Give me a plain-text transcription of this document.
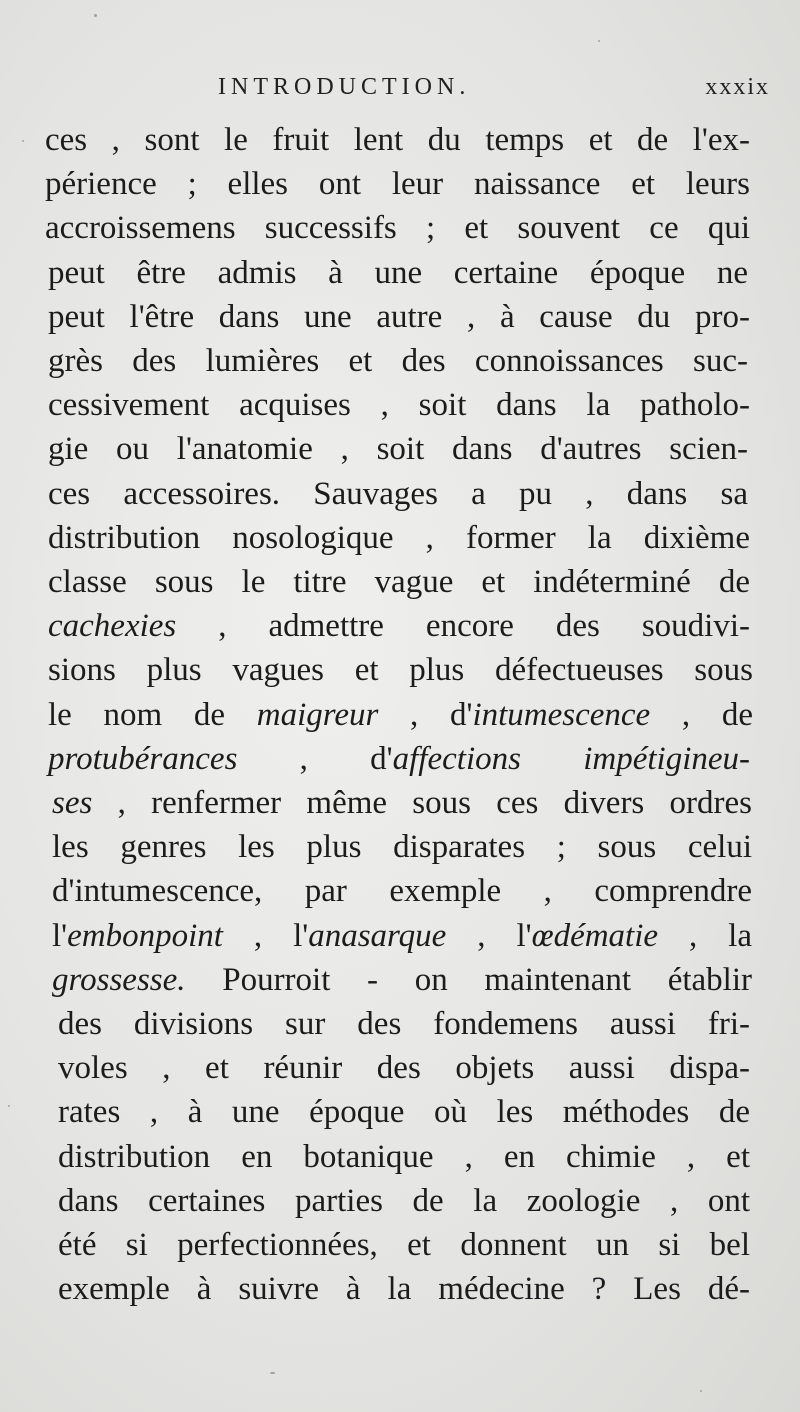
INTRODUCTION.	xxxix
ces , sont le fruit lent du temps et de l'ex-
périence ; elles ont leur naissance et leurs
accroissemens successifs ; et souvent ce qui
peut être admis à une certaine époque ne
peut l'être dans une autre , à cause du pro-
grès des lumières et des connoissances suc-
cessivement acquises , soit dans la patholo-
gie ou l'anatomie , soit dans d'autres scien-
ces accessoires. Sauvages a pu , dans sa
distribution nosologique , former la dixième
classe sous le titre vague et indéterminé de
cachexies , admettre encore des soudivi-
sions plus vagues et plus défectueuses sous
le nom de maigreur , d'intumescence , de
protubérances , d'affections impétigineu-
ses , renfermer même sous ces divers ordres
les genres les plus disparates ; sous celui
d'intumescence, par exemple , comprendre
l'embonpoint , l'anasarque , l'œdématie , la
grossesse. Pourroit - on maintenant établir
des divisions sur des fondemens aussi fri-
voles , et réunir des objets aussi dispa-
rates , à une époque où les méthodes de
distribution en botanique , en chimie , et
dans certaines parties de la zoologie , ont
été si perfectionnées, et donnent un si bel
exemple à suivre à la médecine ? Les dé-
